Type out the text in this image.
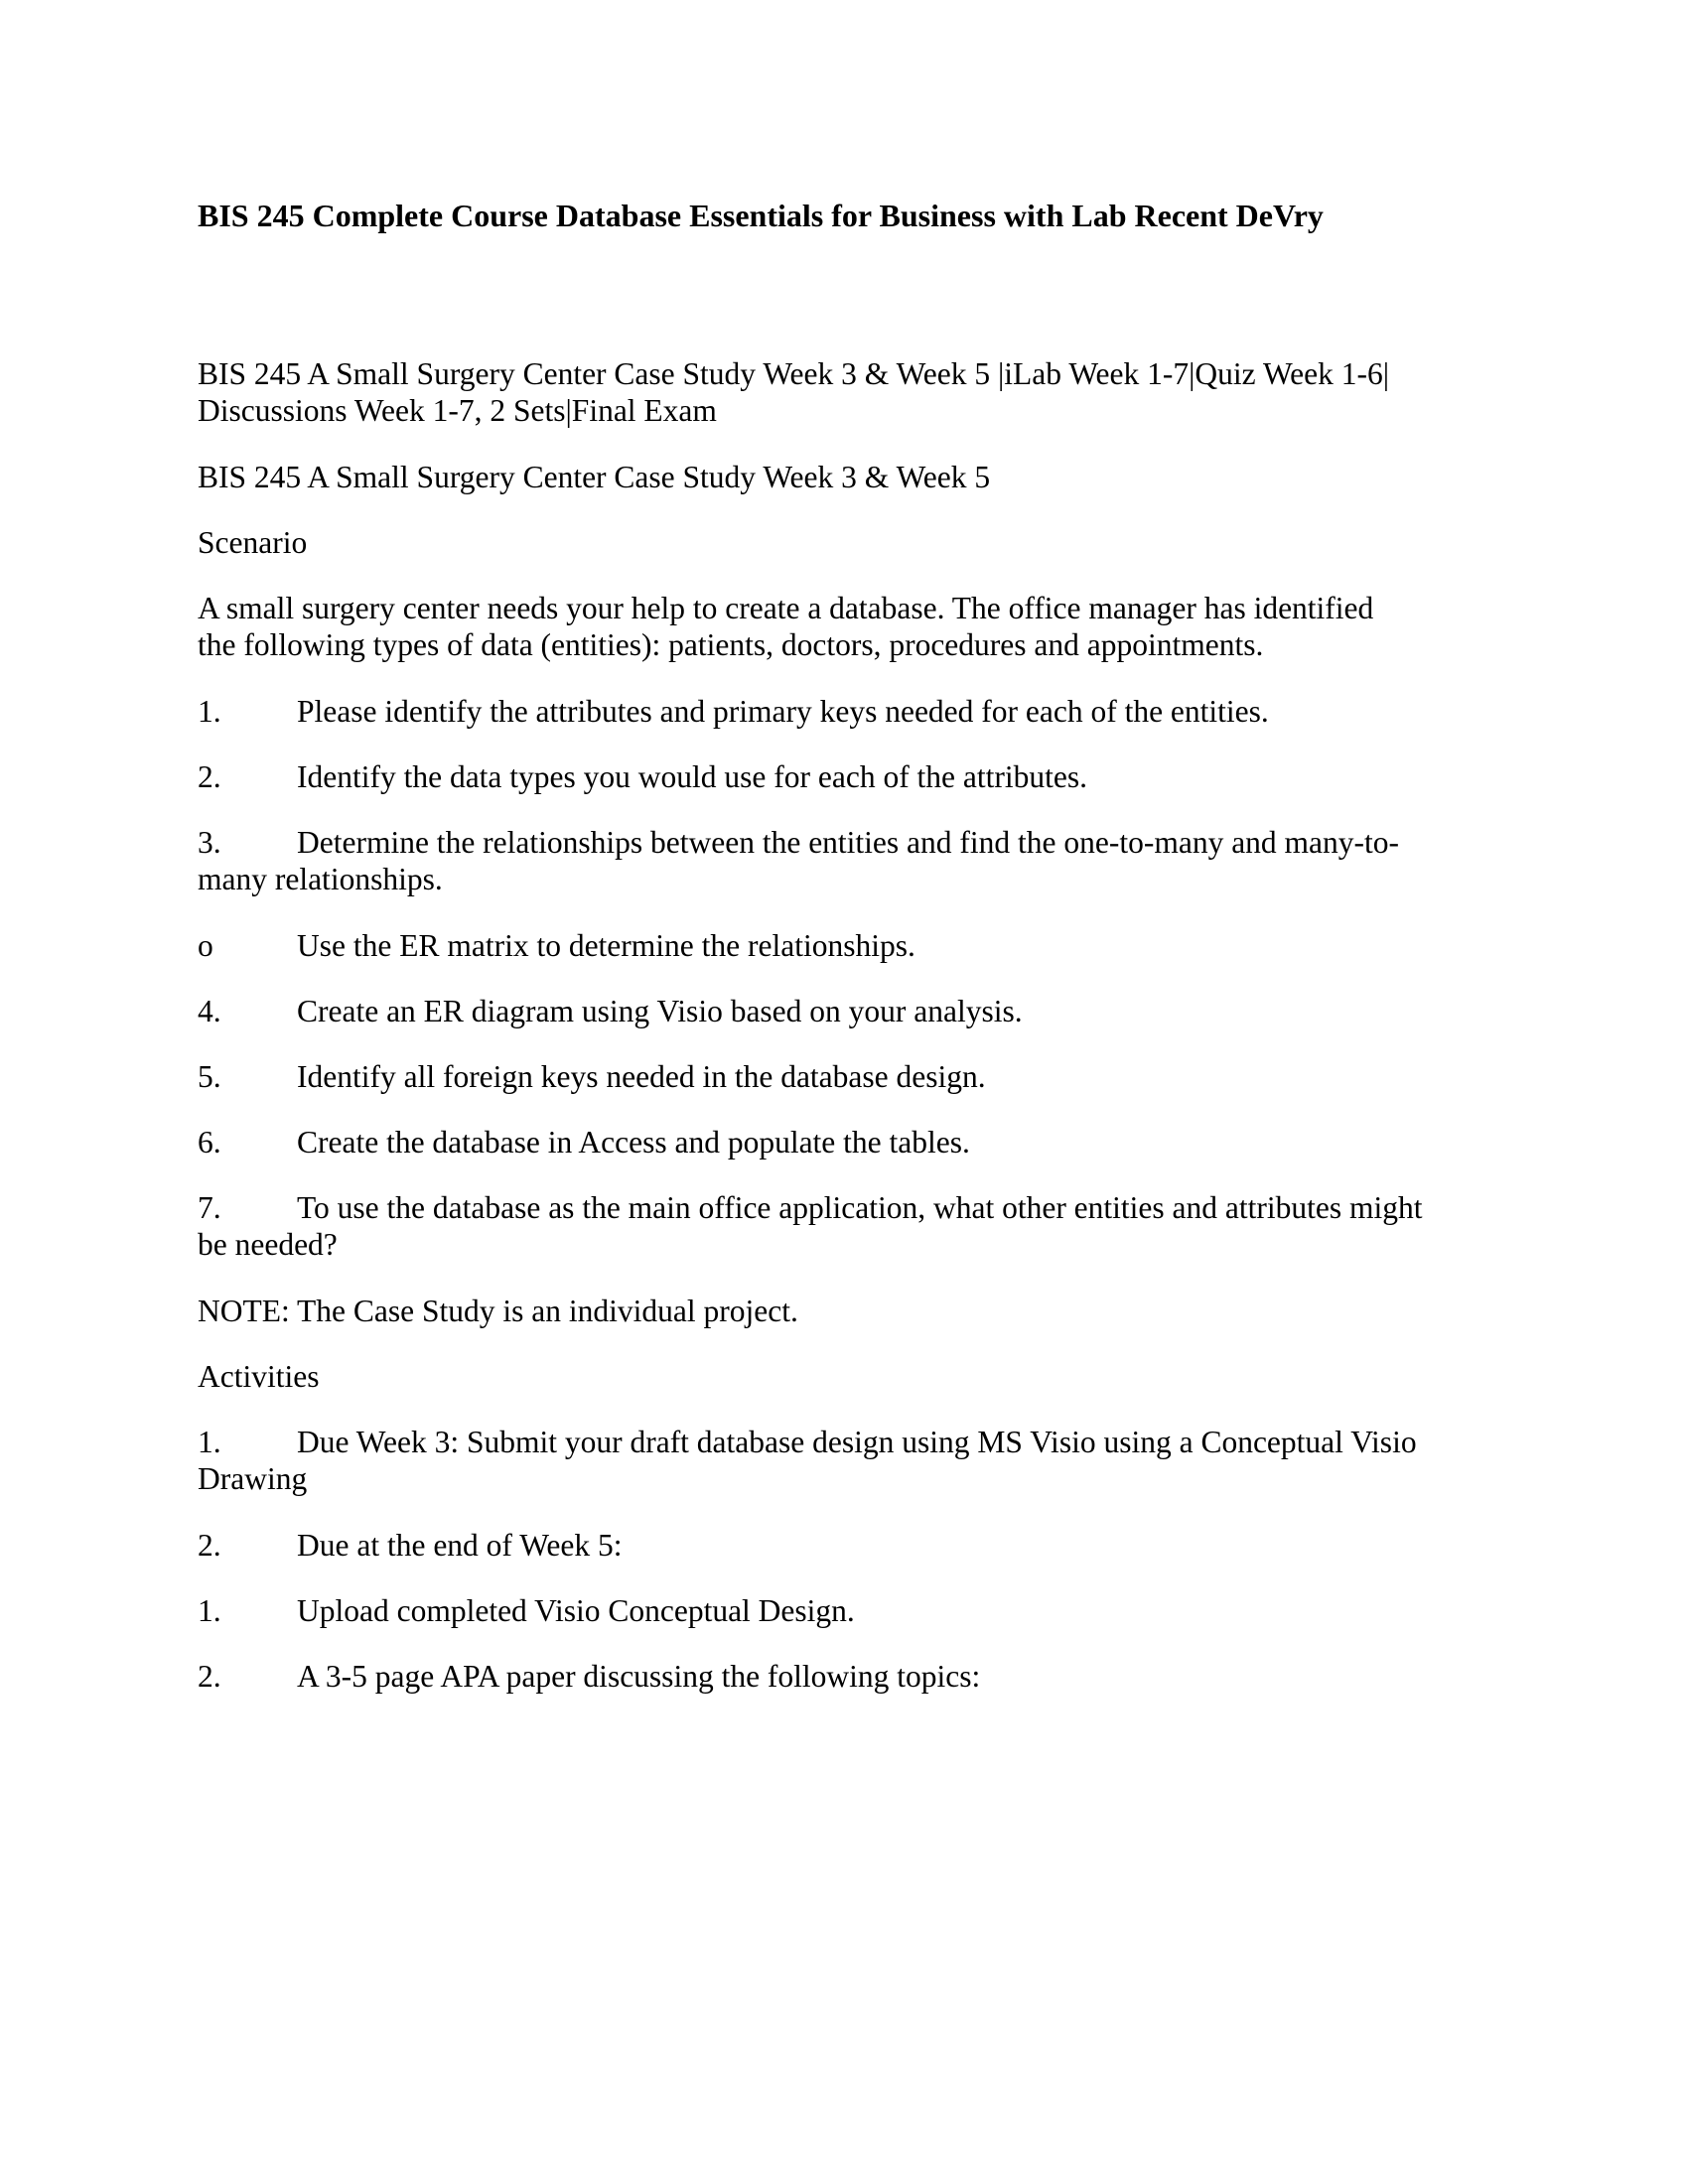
BIS 245 Complete Course Database Essentials for Business with Lab Recent DeVry

BIS 245 A Small Surgery Center Case Study Week 3 & Week 5 |iLab Week 1-7|Quiz Week 1-6|
Discussions Week 1-7, 2 Sets|Final Exam

BIS 245 A Small Surgery Center Case Study Week 3 & Week 5

Scenario

A small surgery center needs your help to create a database. The office manager has identified
the following types of data (entities): patients, doctors, procedures and appointments.

1. Please identify the attributes and primary keys needed for each of the entities.

2. Identify the data types you would use for each of the attributes.

3. Determine the relationships between the entities and find the one-to-many and many-to-
many relationships.

o	Use the ER matrix to determine the relationships.

4. Create an ER diagram using Visio based on your analysis.

5. Identify all foreign keys needed in the database design.

6. Create the database in Access and populate the tables.

7. To use the database as the main office application, what other entities and attributes might
be needed?

NOTE: The Case Study is an individual project.

Activities

1. Due Week 3: Submit your draft database design using MS Visio using a Conceptual Visio
Drawing

2. Due at the end of Week 5:

1. Upload completed Visio Conceptual Design.

2. A 3-5 page APA paper discussing the following topics:
